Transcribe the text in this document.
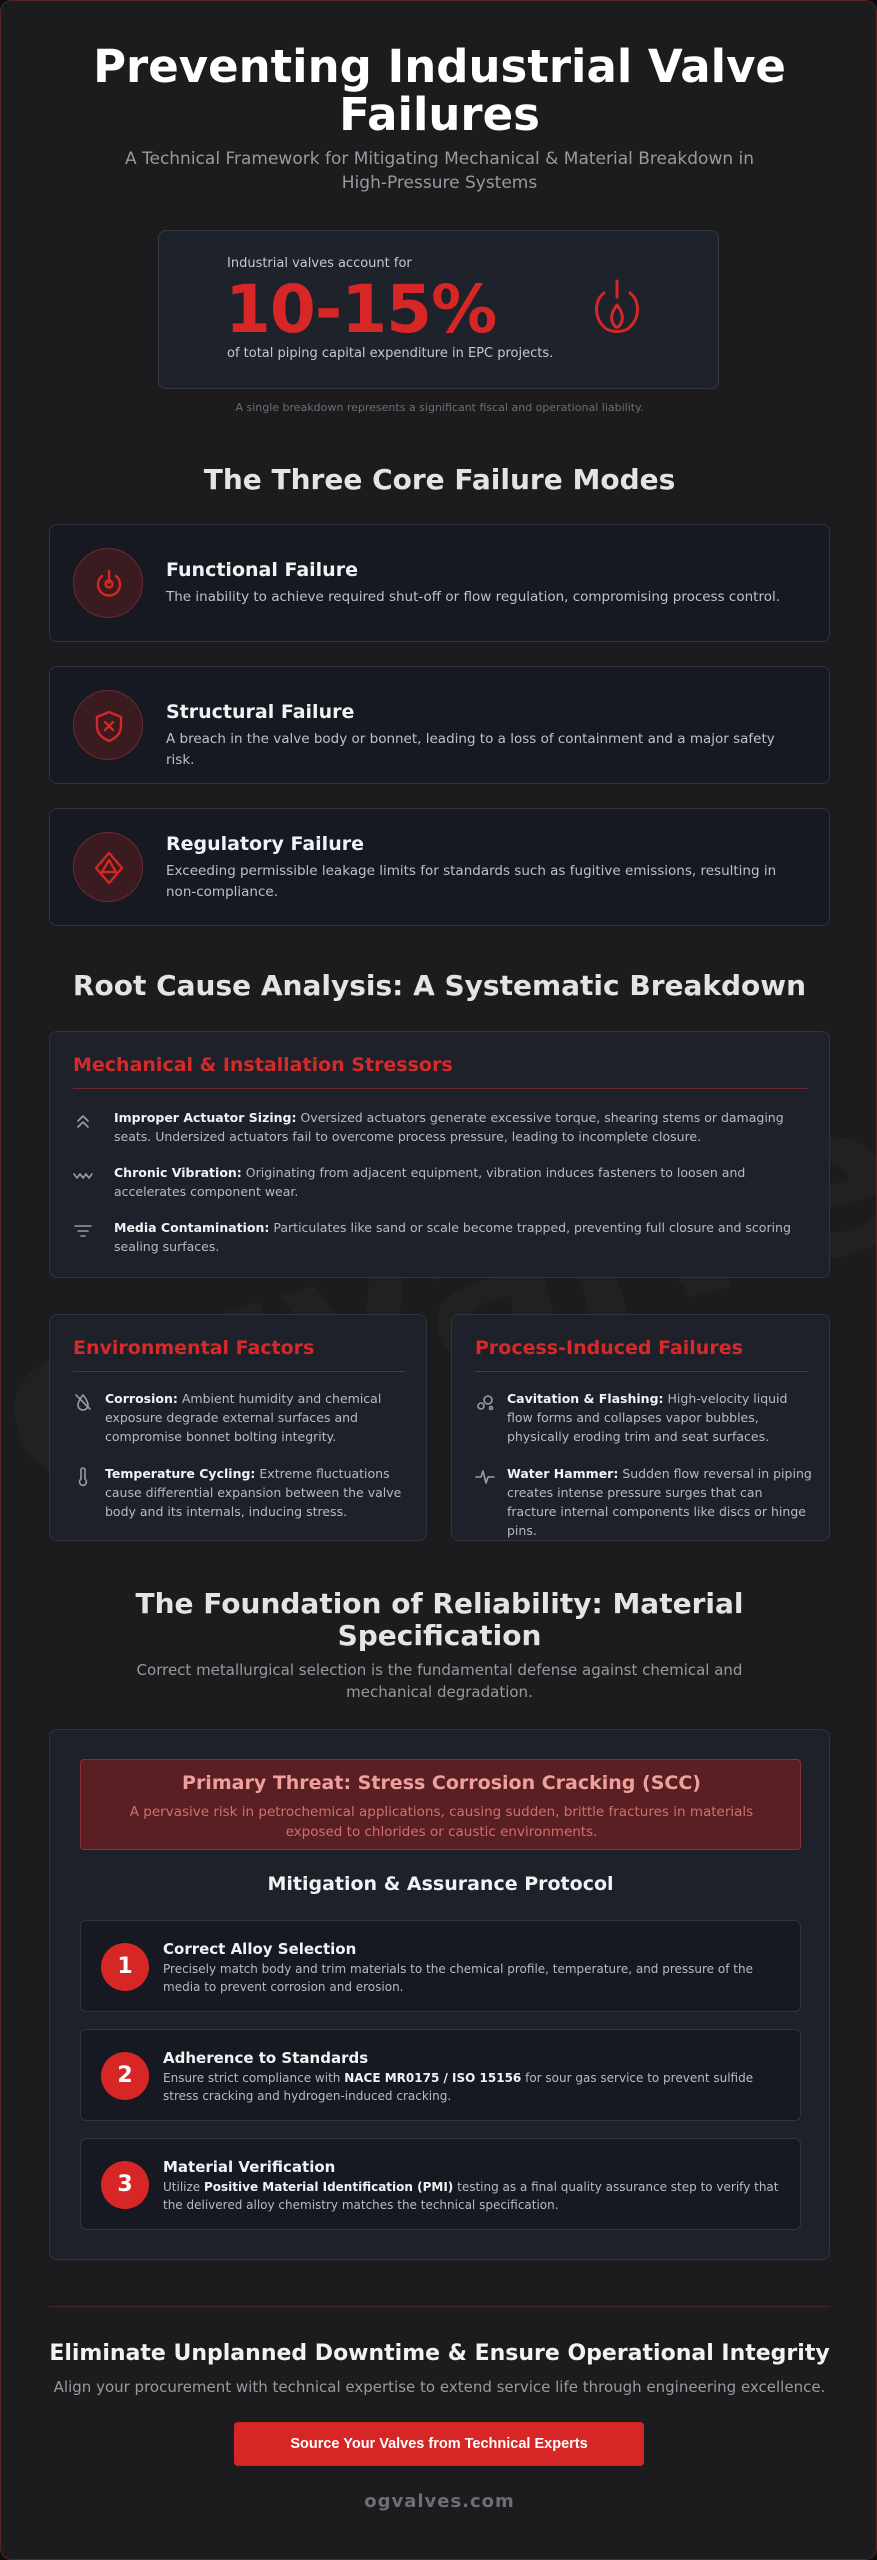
Preventing Industrial Valve Failures

A Technical Framework for Mitigating Mechanical & Material Breakdown in High-Pressure Systems

Industrial valves account for
10-15%
of total piping capital expenditure in EPC projects.

A single breakdown represents a significant fiscal and operational liability.

The Three Core Failure Modes
Functional Failure
The inability to achieve required shut-off or flow regulation, compromising process control.
Structural Failure
A breach in the valve body or bonnet, leading to a loss of containment and a major safety risk.
Regulatory Failure
Exceeding permissible leakage limits for standards such as fugitive emissions, resulting in non-compliance.
Root Cause Analysis: A Systematic Breakdown
Mechanical & Installation Stressors

Improper Actuator Sizing: Oversized actuators generate excessive torque, shearing stems or damaging seats. Undersized actuators fail to overcome process pressure, leading to incomplete closure.

Chronic Vibration: Originating from adjacent equipment, vibration induces fasteners to loosen and accelerates component wear.

Media Contamination: Particulates like sand or scale become trapped, preventing full closure and scoring sealing surfaces.

Environmental Factors

Corrosion: Ambient humidity and chemical exposure degrade external surfaces and compromise bonnet bolting integrity.

Temperature Cycling: Extreme fluctuations cause differential expansion between the valve body and its internals, inducing stress.

Process-Induced Failures

Cavitation & Flashing: High-velocity liquid flow forms and collapses vapor bubbles, physically eroding trim and seat surfaces.

Water Hammer: Sudden flow reversal in piping creates intense pressure surges that can fracture internal components like discs or hinge pins.

The Foundation of Reliability: Material Specification

Correct metallurgical selection is the fundamental defense against chemical and mechanical degradation.

Primary Threat: Stress Corrosion Cracking (SCC)
A pervasive risk in petrochemical applications, causing sudden, brittle fractures in materials exposed to chlorides or caustic environments.
Mitigation & Assurance Protocol
1
Correct Alloy Selection

Precisely match body and trim materials to the chemical profile, temperature, and pressure of the media to prevent corrosion and erosion.

2
Adherence to Standards

Ensure strict compliance with NACE MR0175 / ISO 15156 for sour gas service to prevent sulfide stress cracking and hydrogen-induced cracking.

3
Material Verification

Utilize Positive Material Identification (PMI) testing as a final quality assurance step to verify that the delivered alloy chemistry matches the technical specification.

Eliminate Unplanned Downtime & Ensure Operational Integrity

Align your procurement with technical expertise to extend service life through engineering excellence.

Source Your Valves from Technical Experts
ogvalves.com
